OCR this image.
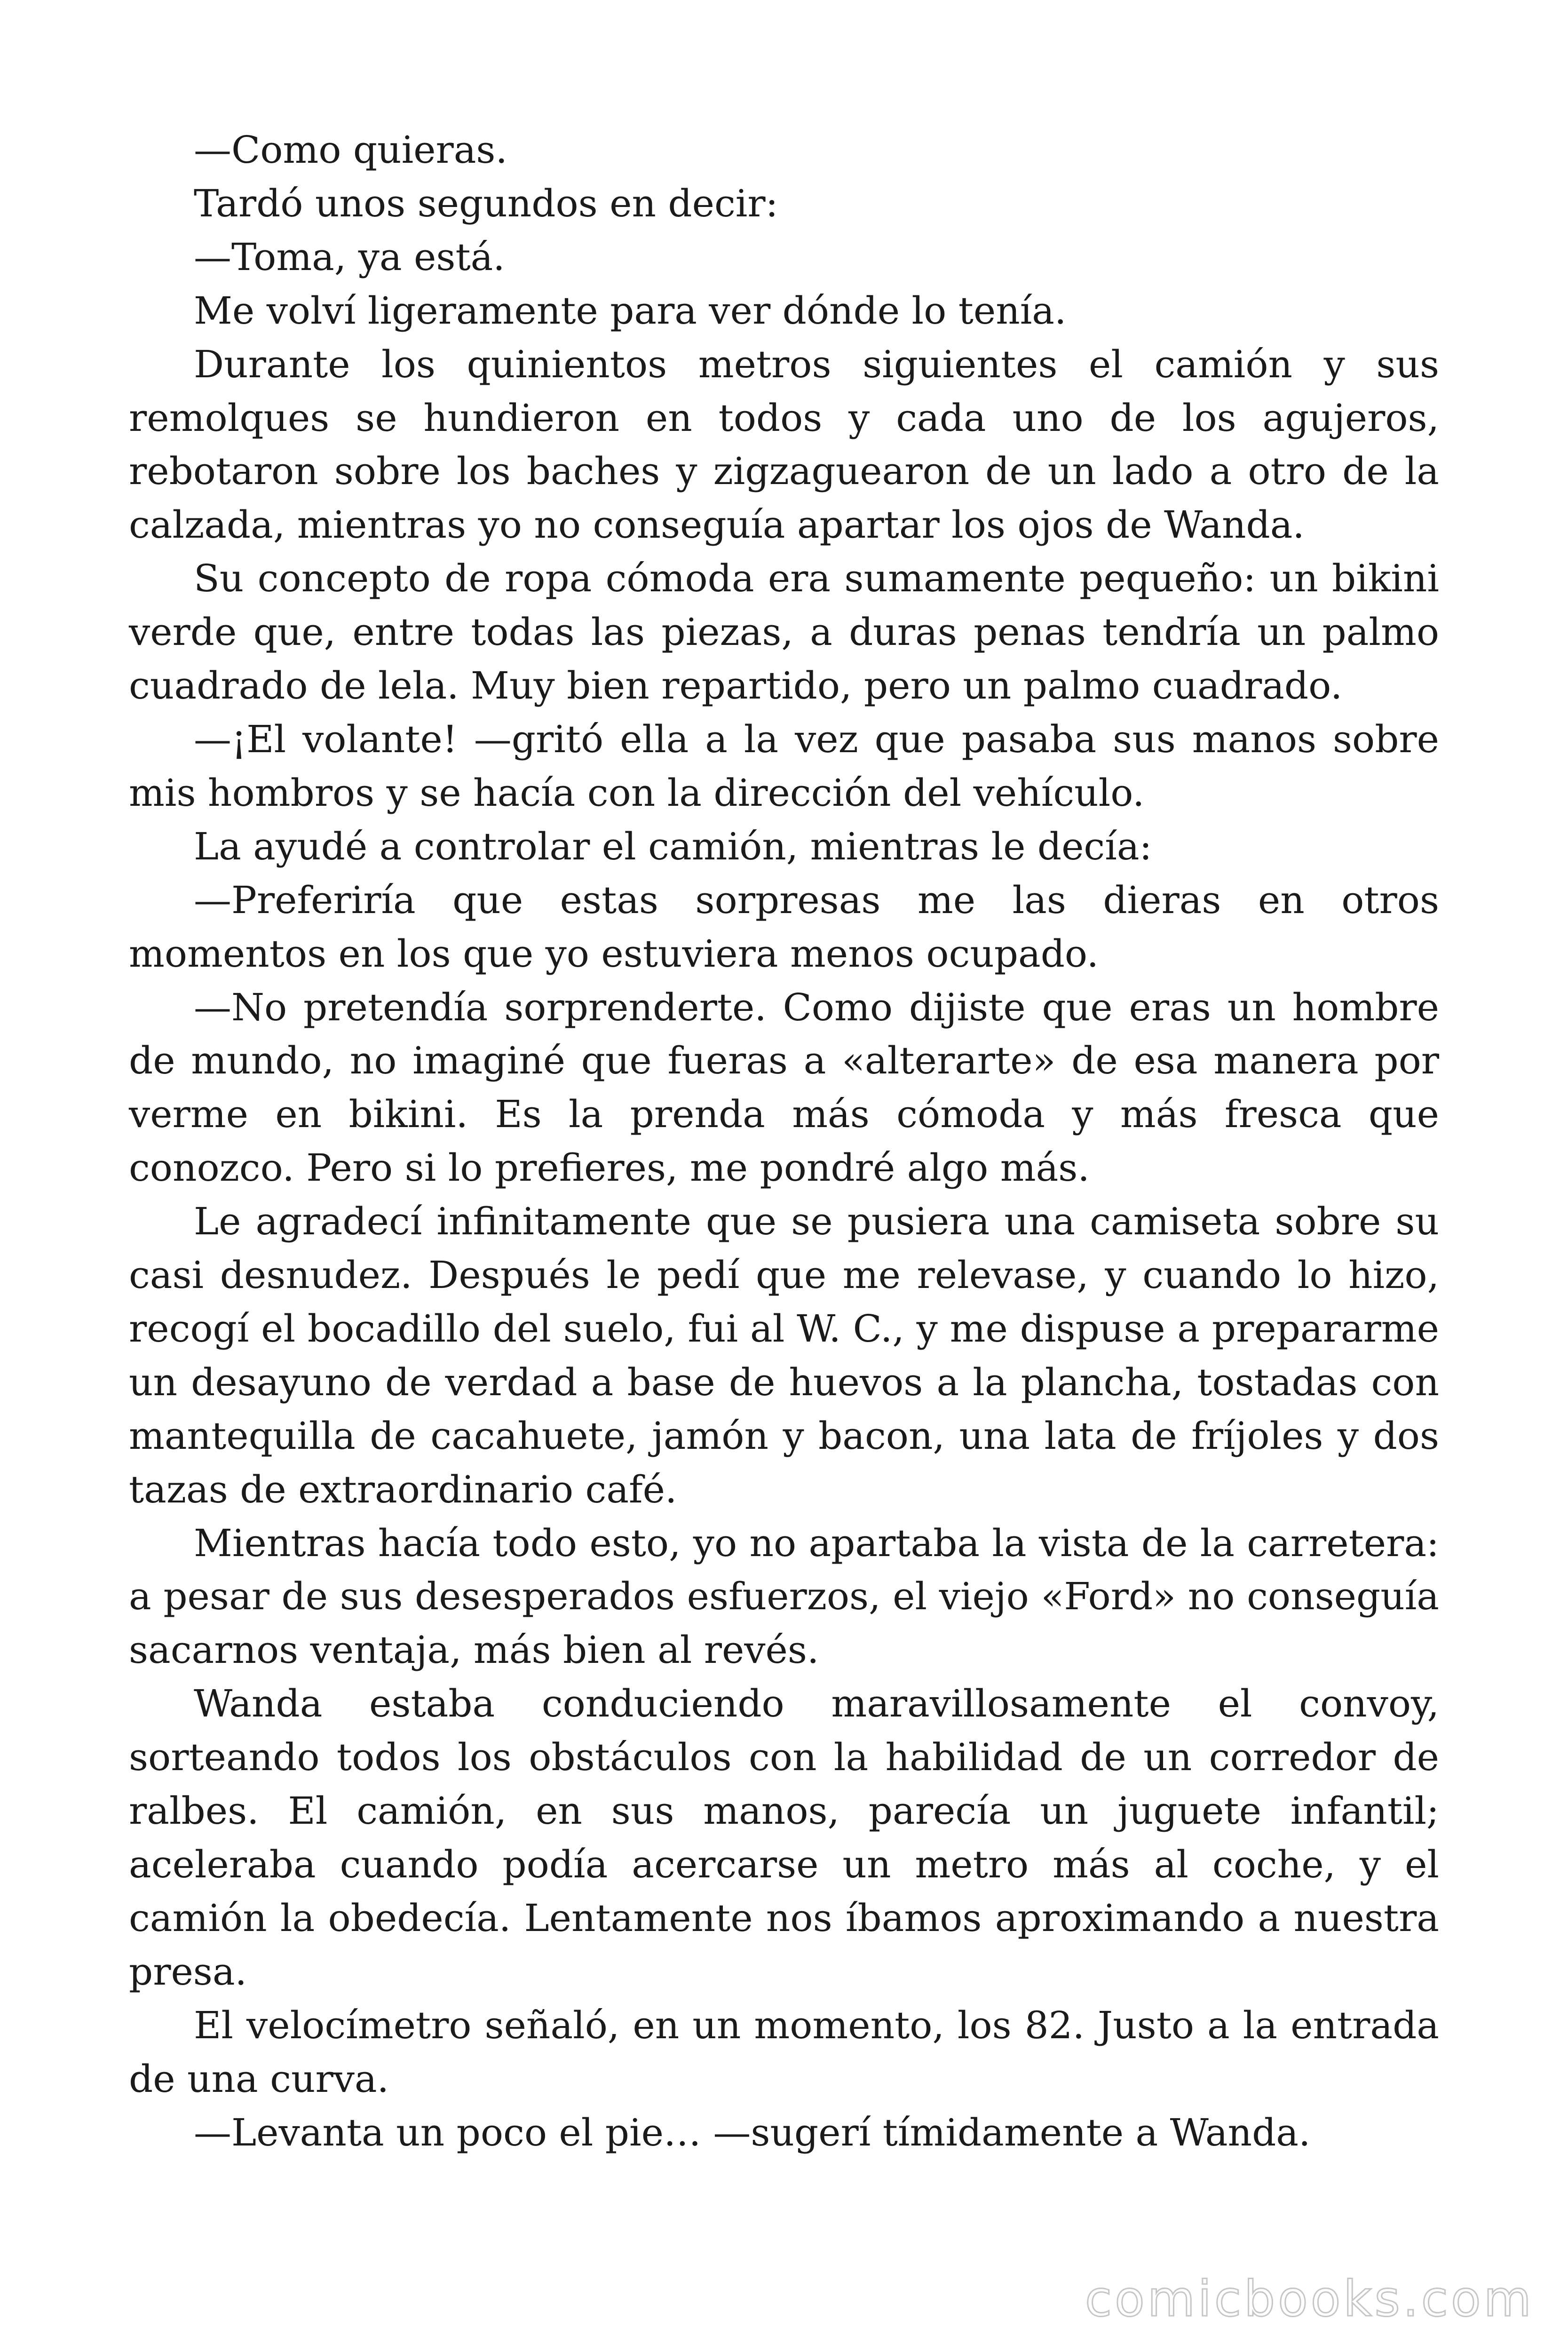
—Como quieras.

Tardó unos segundos en decir:

—Toma, ya está.

Me volví ligeramente para ver dónde lo tenía.

Durante los quinientos metros siguientes el camión y sus remolques se hundieron en todos y cada uno de los agujeros, rebotaron sobre los baches y zigzaguearon de un lado a otro de la calzada, mientras yo no conseguía apartar los ojos de Wanda.

Su concepto de ropa cómoda era sumamente pequeño: un bikini verde que, entre todas las piezas, a duras penas tendría un palmo cuadrado de lela. Muy bien repartido, pero un palmo cuadrado.

—¡El volante! —gritó ella a la vez que pasaba sus manos sobre mis hombros y se hacía con la dirección del vehículo.

La ayudé a controlar el camión, mientras le decía:

—Preferiría que estas sorpresas me las dieras en otros momentos en los que yo estuviera menos ocupado.

—No pretendía sorprenderte. Como dijiste que eras un hombre de mundo, no imaginé que fueras a «alterarte» de esa manera por verme en bikini. Es la prenda más cómoda y más fresca que conozco. Pero si lo prefieres, me pondré algo más.

Le agradecí infinitamente que se pusiera una camiseta sobre su casi desnudez. Después le pedí que me relevase, y cuando lo hizo, recogí el bocadillo del suelo, fui al W. C., y me dispuse a prepararme un desayuno de verdad a base de huevos a la plancha, tostadas con mantequilla de cacahuete, jamón y bacon, una lata de fríjoles y dos tazas de extraordinario café.

Mientras hacía todo esto, yo no apartaba la vista de la carretera: a pesar de sus desesperados esfuerzos, el viejo «Ford» no conseguía sacarnos ventaja, más bien al revés.

Wanda estaba conduciendo maravillosamente el convoy, sorteando todos los obstáculos con la habilidad de un corredor de ralbes. El camión, en sus manos, parecía un juguete infantil; aceleraba cuando podía acercarse un metro más al coche, y el camión la obedecía. Lentamente nos íbamos aproximando a nuestra presa.

El velocímetro señaló, en un momento, los 82. Justo a la entrada de una curva.

—Levanta un poco el pie… —sugerí tímidamente a Wanda.

comicbooks.com
